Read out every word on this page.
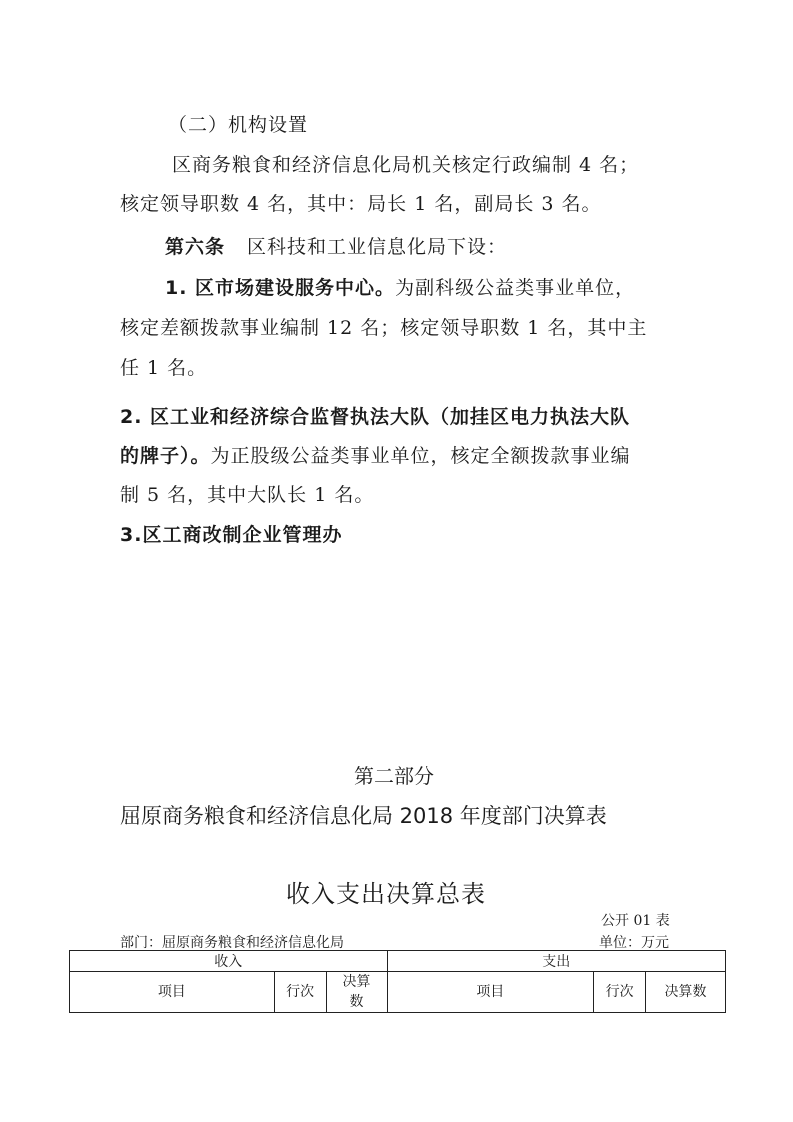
（二）机构设置
区商务粮食和经济信息化局机关核定行政编制 4 名；
核定领导职数 4 名，其中：局长 1 名，副局长 3 名。
第六条 区科技和工业信息化局下设：
1. 区市场建设服务中心。为副科级公益类事业单位，
核定差额拨款事业编制 12 名；核定领导职数 1 名，其中主
任 1 名。
2. 区工业和经济综合监督执法大队（加挂区电力执法大队
的牌子）。为正股级公益类事业单位，核定全额拨款事业编
制 5 名，其中大队长 1 名。
3.区工商改制企业管理办
第二部分
屈原商务粮食和经济信息化局 2018 年度部门决算表
收入支出决算总表
公开 01 表
部门：屈原商务粮食和经济信息化局	单位：万元
收入			支出		
项目	行次	决算数	项目	行次	决算数
